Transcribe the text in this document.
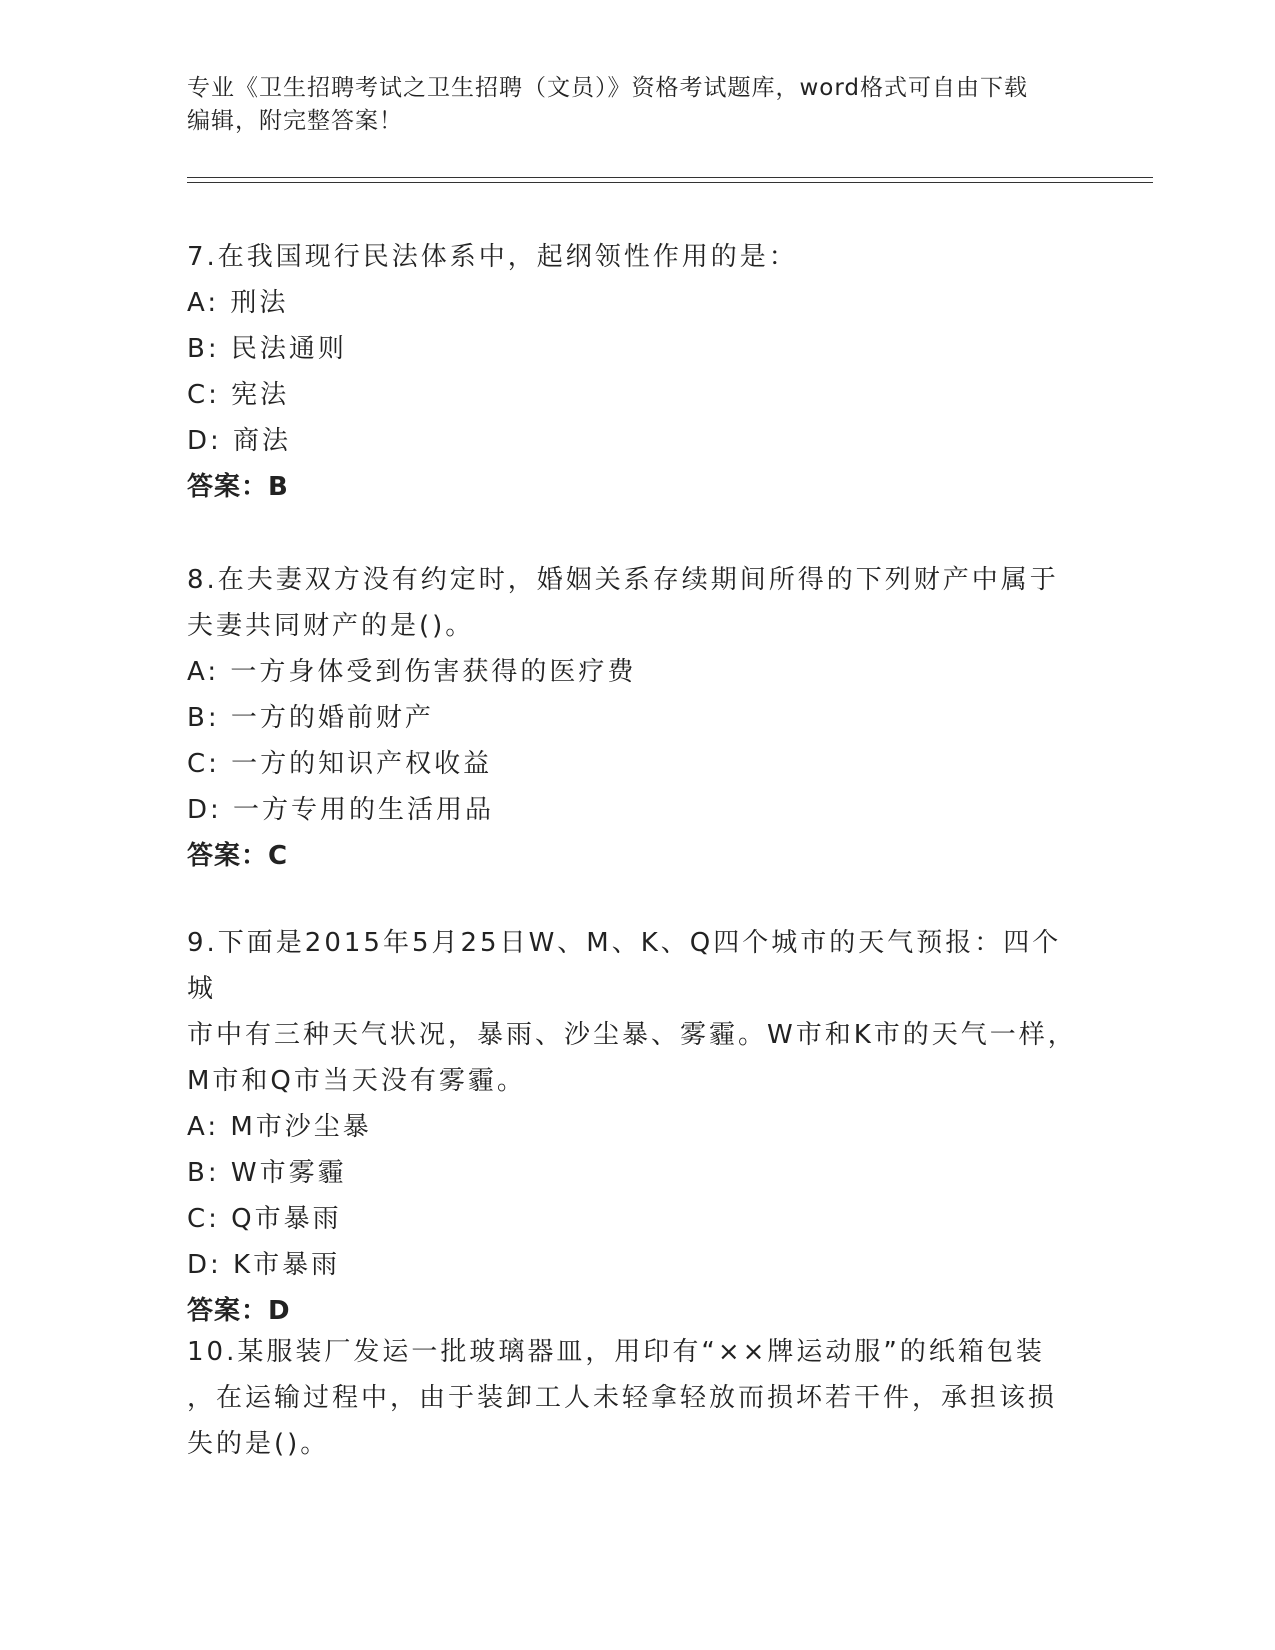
专业《卫生招聘考试之卫生招聘（文员）》资格考试题库，word格式可自由下载
编辑，附完整答案！
7.在我国现行民法体系中，起纲领性作用的是：
A: 刑法
B: 民法通则
C: 宪法
D: 商法
答案：B
8.在夫妻双方没有约定时，婚姻关系存续期间所得的下列财产中属于
夫妻共同财产的是()。
A: 一方身体受到伤害获得的医疗费
B: 一方的婚前财产
C: 一方的知识产权收益
D: 一方专用的生活用品
答案：C
9.下面是2015年5月25日W、M、K、Q四个城市的天气预报：四个城
市中有三种天气状况，暴雨、沙尘暴、雾霾。W市和K市的天气一样，
M市和Q市当天没有雾霾。
A: M市沙尘暴
B: W市雾霾
C: Q市暴雨
D: K市暴雨
答案：D
10.某服装厂发运一批玻璃器皿，用印有“××牌运动服”的纸箱包装
，在运输过程中，由于装卸工人未轻拿轻放而损坏若干件，承担该损
失的是()。
